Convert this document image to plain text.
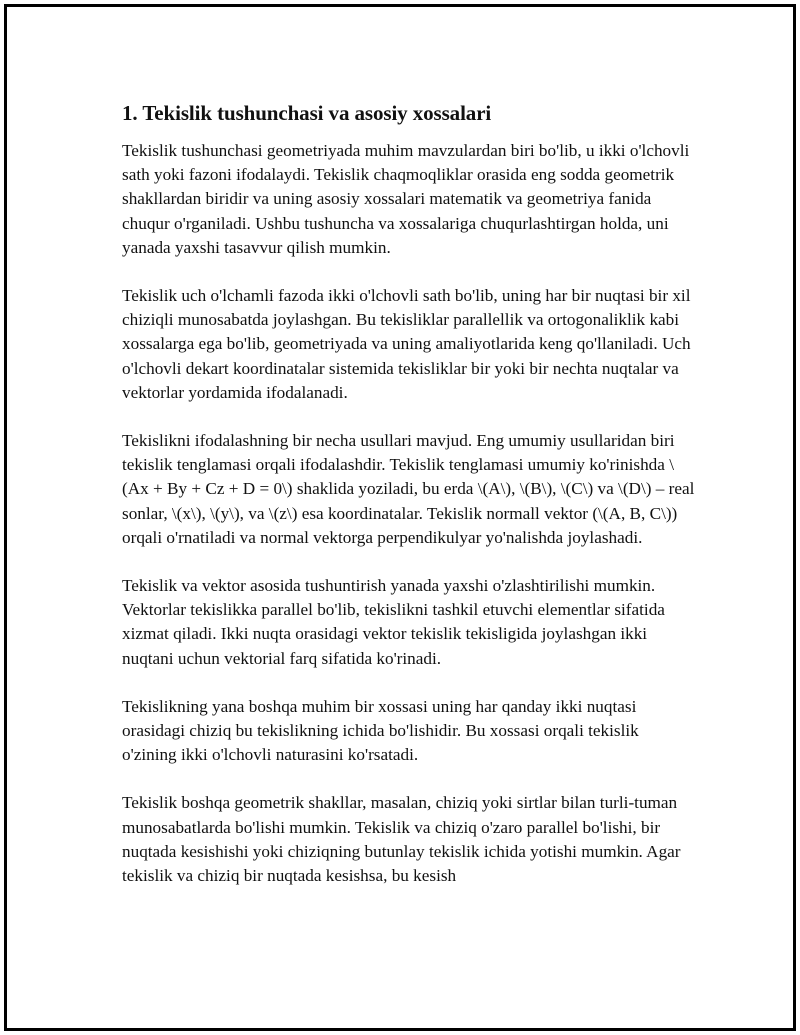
1. Tekislik tushunchasi va asosiy xossalari

Tekislik tushunchasi geometriyada muhim mavzulardan biri bo'lib, u ikki o'lchovli sath yoki fazoni ifodalaydi. Tekislik chaqmoqliklar orasida eng sodda geometrik shakllardan biridir va uning asosiy xossalari matematik va geometriya fanida chuqur o'rganiladi. Ushbu tushuncha va xossalariga chuqurlashtirgan holda, uni yanada yaxshi tasavvur qilish mumkin.

Tekislik uch o'lchamli fazoda ikki o'lchovli sath bo'lib, uning har bir nuqtasi bir xil chiziqli munosabatda joylashgan. Bu tekisliklar parallellik va ortogonaliklik kabi xossalarga ega bo'lib, geometriyada va uning amaliyotlarida keng qo'llaniladi. Uch o'lchovli dekart koordinatalar sistemida tekisliklar bir yoki bir nechta nuqtalar va vektorlar yordamida ifodalanadi.

Tekislikni ifodalashning bir necha usullari mavjud. Eng umumiy usullaridan biri tekislik tenglamasi orqali ifodalashdir. Tekislik tenglamasi umumiy ko'rinishda \(Ax + By + Cz + D = 0\) shaklida yoziladi, bu erda \(A\), \(B\), \(C\) va \(D\) – real sonlar, \(x\), \(y\), va \(z\) esa koordinatalar. Tekislik normall vektor (\(A, B, C\)) orqali o'rnatiladi va normal vektorga perpendikulyar yo'nalishda joylashadi.

Tekislik va vektor asosida tushuntirish yanada yaxshi o'zlashtirilishi mumkin. Vektorlar tekislikka parallel bo'lib, tekislikni tashkil etuvchi elementlar sifatida xizmat qiladi. Ikki nuqta orasidagi vektor tekislik tekisligida joylashgan ikki nuqtani uchun vektorial farq sifatida ko'rinadi.

Tekislikning yana boshqa muhim bir xossasi uning har qanday ikki nuqtasi orasidagi chiziq bu tekislikning ichida bo'lishidir. Bu xossasi orqali tekislik o'zining ikki o'lchovli naturasini ko'rsatadi.

Tekislik boshqa geometrik shakllar, masalan, chiziq yoki sirtlar bilan turli-tuman munosabatlarda bo'lishi mumkin. Tekislik va chiziq o'zaro parallel bo'lishi, bir nuqtada kesishishi yoki chiziqning butunlay tekislik ichida yotishi mumkin. Agar tekislik va chiziq bir nuqtada kesishsa, bu kesish
